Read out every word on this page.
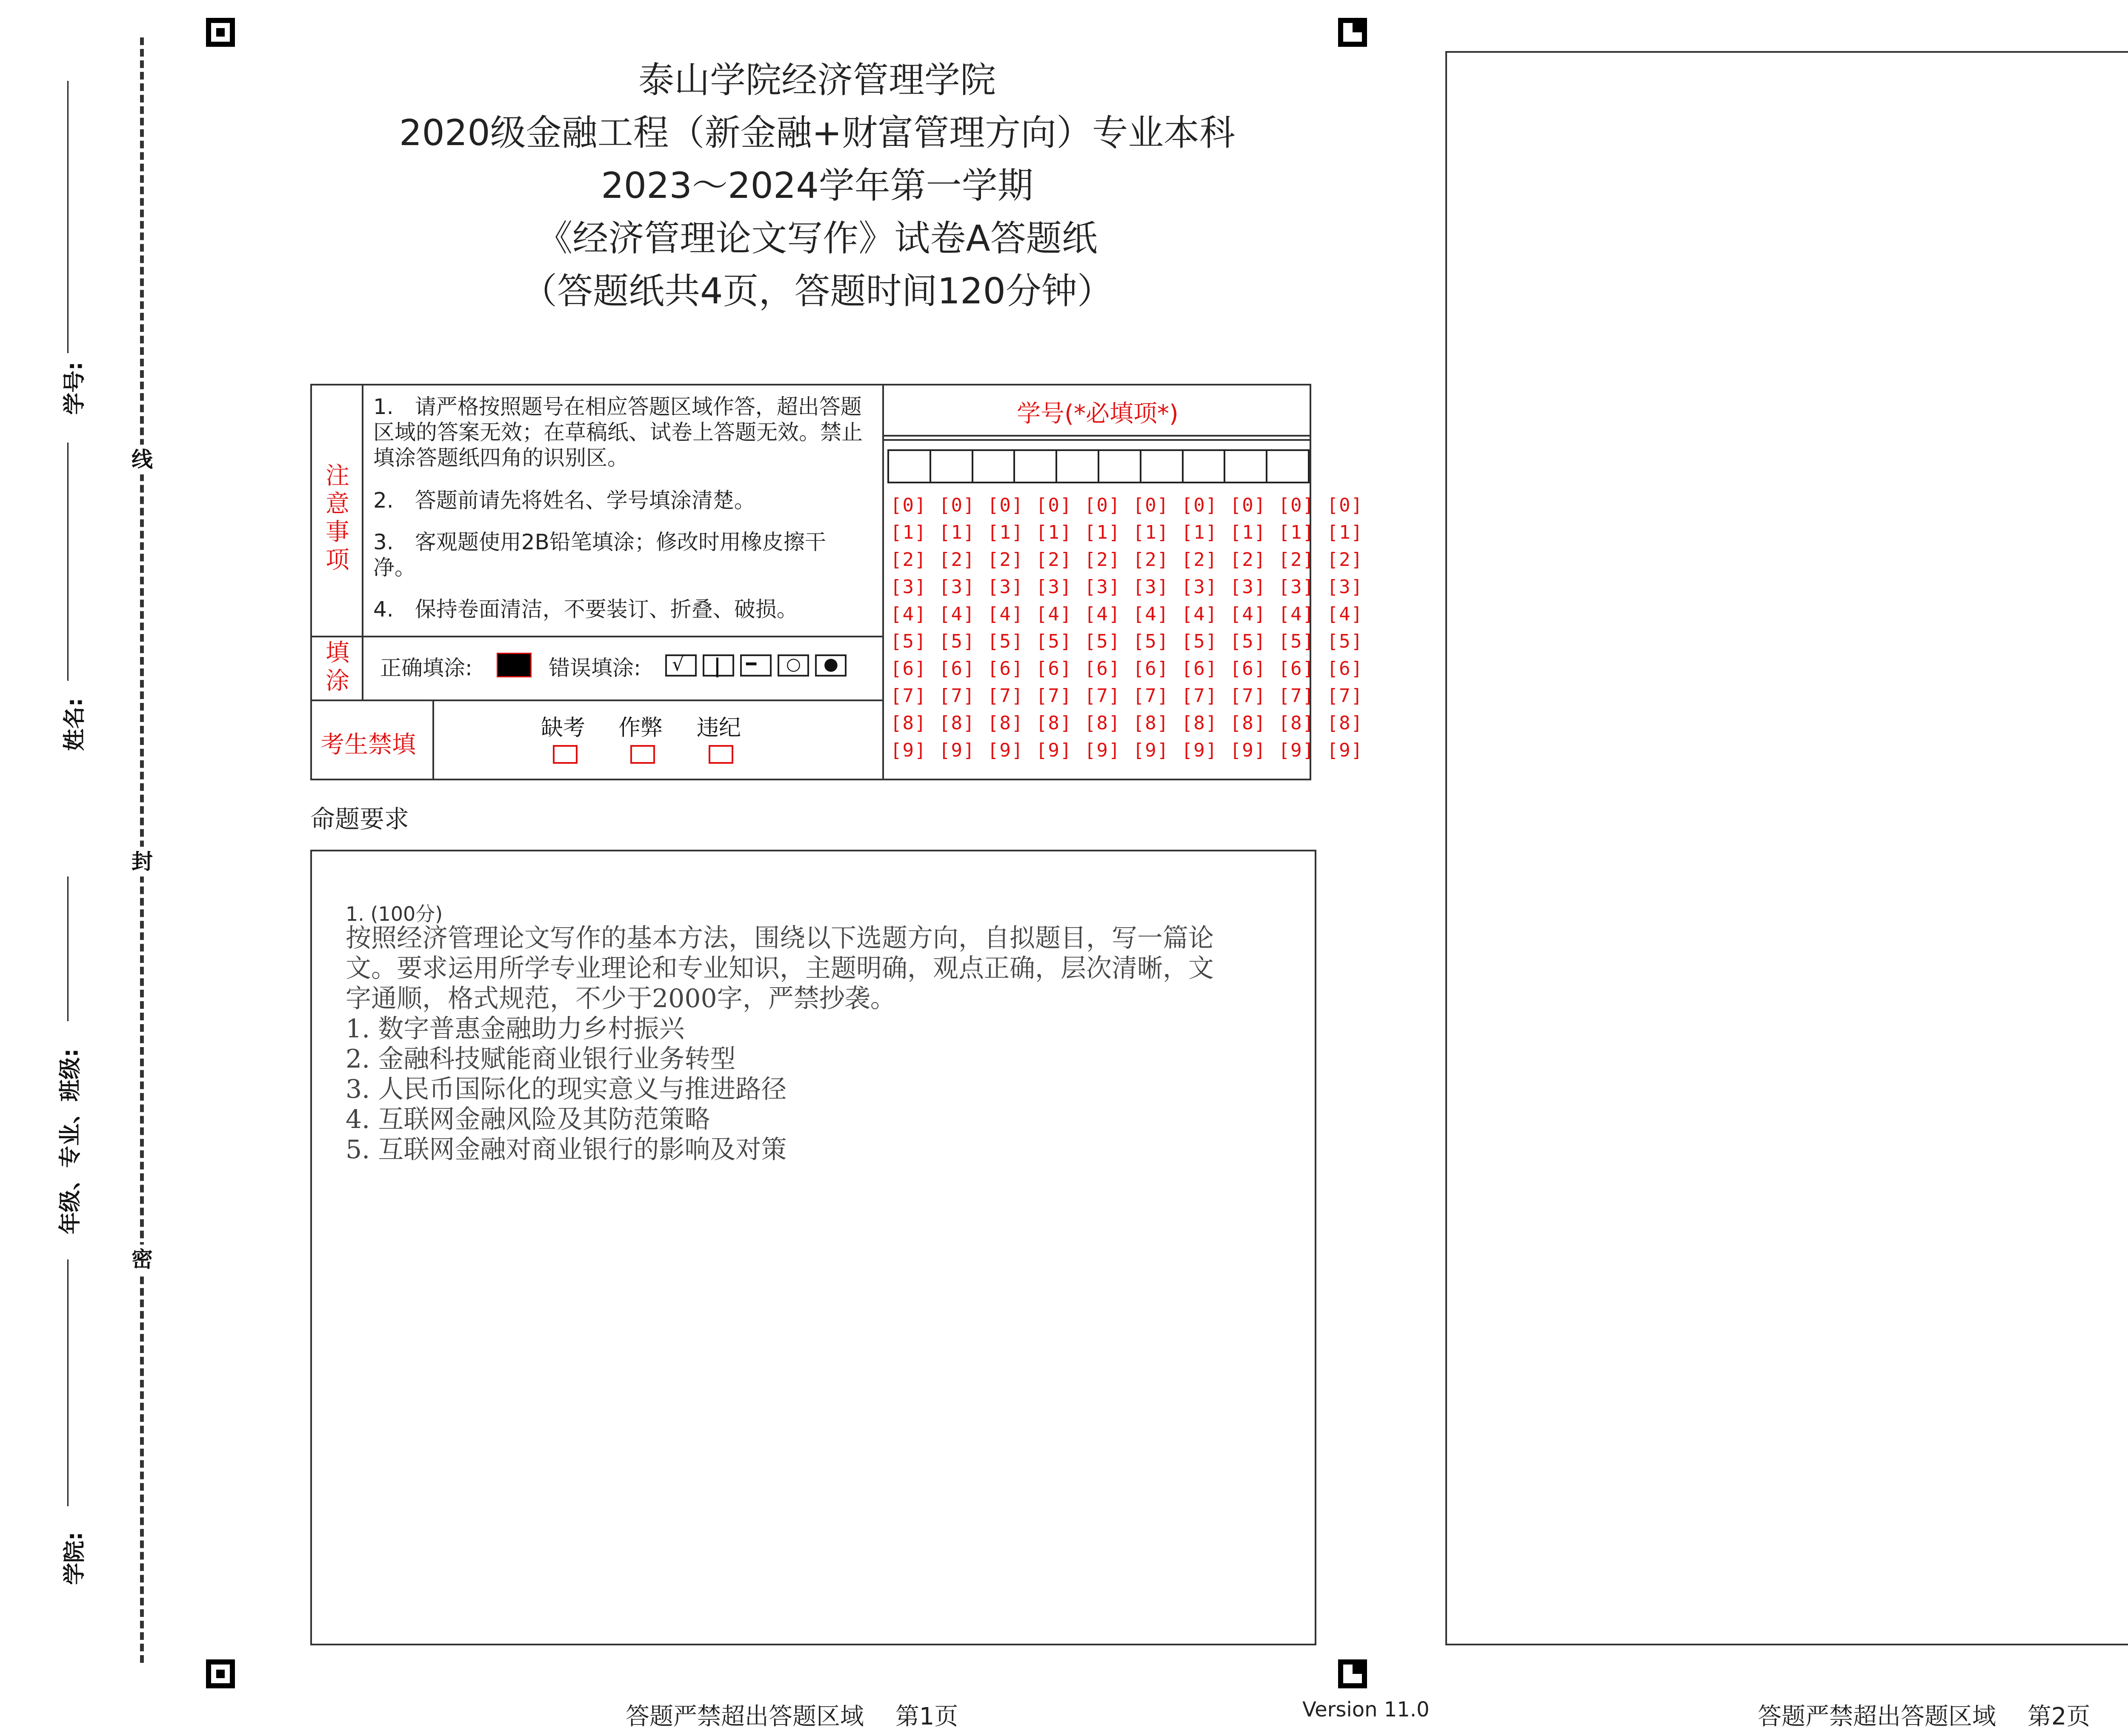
学号:
姓名:
年级、专业、班级:
学院:
线
封
密
泰山学院经济管理学院
2020级金融工程（新金融+财富管理方向）专业本科
2023～2024学年第一学期
《经济管理论文写作》试卷A答题纸
（答题纸共4页，答题时间120分钟）
注
意
事
项
1.　请严格按照题号在相应答题区域作答，超出答题区域的答案无效；在草稿纸、试卷上答题无效。禁止填涂答题纸四角的识别区。
2.　答题前请先将姓名、学号填涂清楚。
3.　客观题使用2B铅笔填涂；修改时用橡皮擦干净。
4.　保持卷面清洁，不要装订、折叠、破损。
填
涂 正确填涂:	错误填涂: √ | ━ ○ ●
考生禁填
缺考 作弊 违纪
学号(*必填项*)
[0] [0] [0] [0] [0] [0] [0] [0] [0] [0]
[1] [1] [1] [1] [1] [1] [1] [1] [1] [1]
[2] [2] [2] [2] [2] [2] [2] [2] [2] [2]
[3] [3] [3] [3] [3] [3] [3] [3] [3] [3]
[4] [4] [4] [4] [4] [4] [4] [4] [4] [4]
[5] [5] [5] [5] [5] [5] [5] [5] [5] [5]
[6] [6] [6] [6] [6] [6] [6] [6] [6] [6]
[7] [7] [7] [7] [7] [7] [7] [7] [7] [7]
[8] [8] [8] [8] [8] [8] [8] [8] [8] [8]
[9] [9] [9] [9] [9] [9] [9] [9] [9] [9]
命题要求
1. (100分)
按照经济管理论文写作的基本方法，围绕以下选题方向，自拟题目，写一篇论
文。要求运用所学专业理论和专业知识，主题明确，观点正确，层次清晰，文
字通顺，格式规范，不少于2000字，严禁抄袭。
1. 数字普惠金融助力乡村振兴
2. 金融科技赋能商业银行业务转型
3. 人民币国际化的现实意义与推进路径
4. 互联网金融风险及其防范策略
5. 互联网金融对商业银行的影响及对策
答题严禁超出答题区域　 第1页	Version 11.0	答题严禁超出答题区域　 第2页
